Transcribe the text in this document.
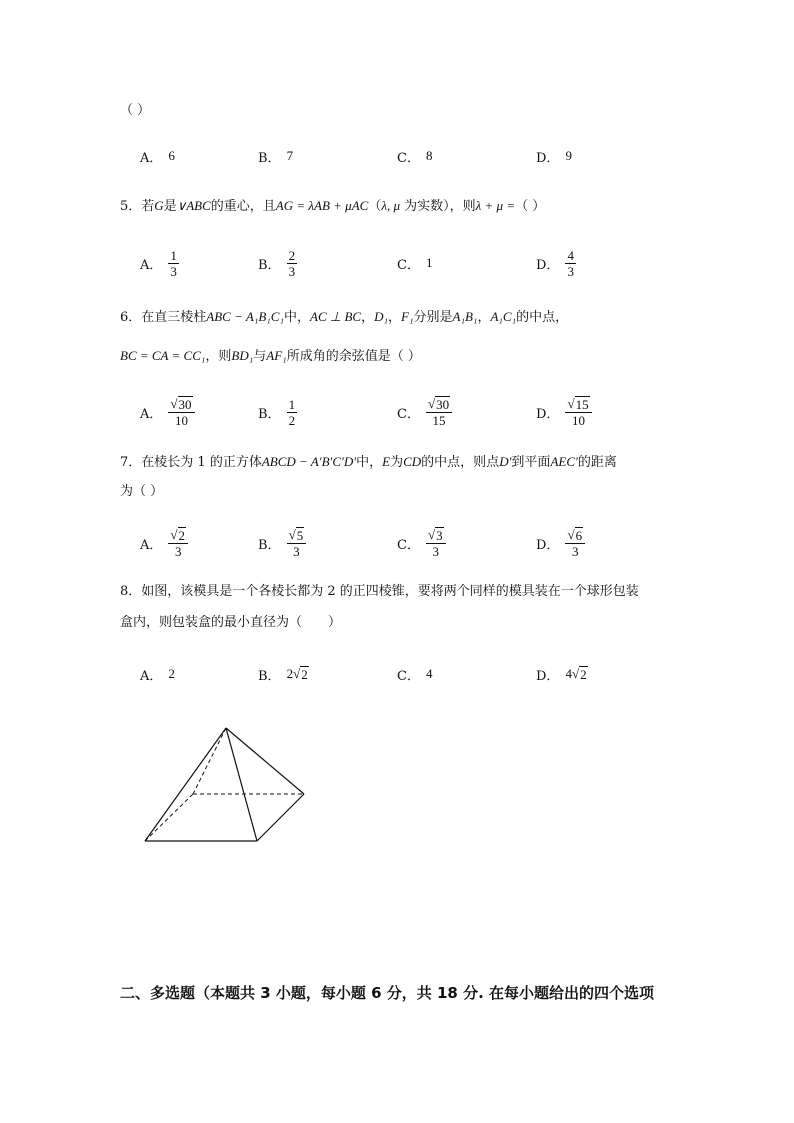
（ ）
A． 6	B． 7	C． 8	D． 9
5．若G是∨ABC的重心，且AG = λAB + μAC（λ, μ 为实数），则λ + μ =（ ）
A． $\frac{1}{3}$	B． $\frac{2}{3}$	C． 1	D． $\frac{4}{3}$
6．在直三棱柱ABC − A₁B₁C₁中，AC ⊥ BC，D₁，F₁分别是A₁B₁，A₁C₁的中点，
BC = CA = CC₁，则BD₁与AF₁所成角的余弦值是（ ）
A． $\frac{√ 30}{10}$	B． $\frac{1}{2}$	C． $\frac{√ 30}{15}$	D． $\frac{√ 15}{10}$
7．在棱长为 1 的正方体ABCD − A′B′C′D′中，E为CD的中点，则点D′到平面AEC′的距离
为（ ）
A． $\frac{√ 2}{3}$	B． $\frac{√ 5}{3}$	C． $\frac{√ 3}{3}$	D． $\frac{√ 6}{3}$
8．如图，该模具是一个各棱长都为 2 的正四棱锥，要将两个同样的模具装在一个球形包装
盒内，则包装盒的最小直径为（　　）
A． 2	B． 2 √ 2	C． 4	D． 4 √ 2
二、多选题（本题共 3 小题，每小题 6 分，共 18 分. 在每小题给出的四个选项
